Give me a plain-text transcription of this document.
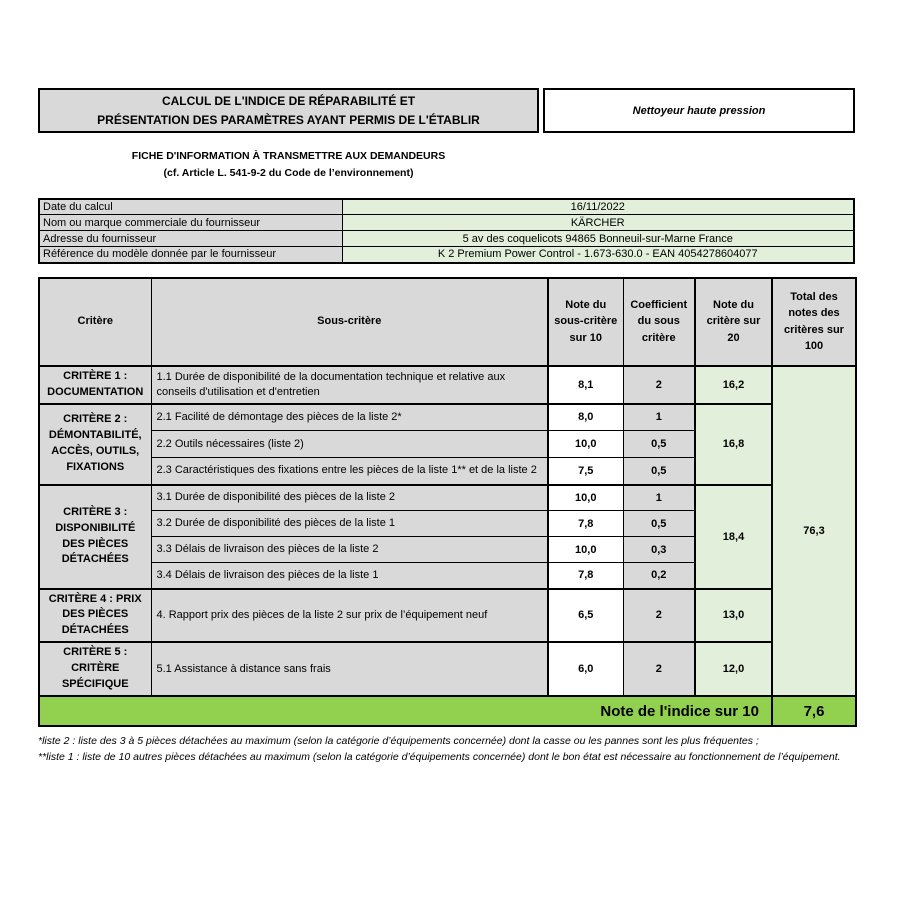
CALCUL DE L'INDICE DE RÉPARABILITÉ ET
PRÉSENTATION DES PARAMÈTRES AYANT PERMIS DE L'ÉTABLIR
Nettoyeur haute pression
FICHE D'INFORMATION À TRANSMETTRE AUX DEMANDEURS
(cf. Article L. 541-9-2 du Code de l’environnement)
Date du calcul	16/11/2022
Nom ou marque commerciale du fournisseur	KÄRCHER
Adresse du fournisseur	5 av des coquelicots 94865 Bonneuil-sur-Marne France
Référence du modèle donnée par le fournisseur	K 2 Premium Power Control - 1.673-630.0 - EAN 4054278604077
Critère	Sous-critère	Note du sous-critère sur 10	Coefficient du sous critère	Note du critère sur 20	Total des notes des critères sur 100
CRITÈRE 1 : DOCUMENTATION	1.1 Durée de disponibilité de la documentation technique et relative aux conseils d'utilisation et d'entretien	8,1	2	16,2	76,3
CRITÈRE 2 : DÉMONTABILITÉ, ACCÈS, OUTILS, FIXATIONS	2.1 Facilité de démontage des pièces de la liste 2*	8,0	1	16,8	
	2.2 Outils nécessaires (liste 2)	10,0	0,5		
	2.3 Caractéristiques des fixations entre les pièces de la liste 1** et de la liste 2	7,5	0,5		
CRITÈRE 3 : DISPONIBILITÉ DES PIÈCES DÉTACHÉES	3.1 Durée de disponibilité des pièces de la liste 2	10,0	1	18,4	
	3.2 Durée de disponibilité des pièces de la liste 1	7,8	0,5		
	3.3 Délais de livraison des pièces de la liste 2	10,0	0,3		
	3.4 Délais de livraison des pièces de la liste 1	7,8	0,2		
CRITÈRE 4 : PRIX DES PIÈCES DÉTACHÉES	4. Rapport prix des pièces de la liste 2 sur prix de l’équipement neuf	6,5	2	13,0	
CRITÈRE 5 : CRITÈRE SPÉCIFIQUE	5.1 Assistance à distance sans frais	6,0	2	12,0	
Note de l'indice sur 10					7,6
*liste 2 : liste des 3 à 5 pièces détachées au maximum (selon la catégorie d’équipements concernée) dont la casse ou les pannes sont les plus fréquentes ;
**liste 1 : liste de 10 autres pièces détachées au maximum (selon la catégorie d’équipements concernée) dont le bon état est nécessaire au fonctionnement de l’équipement.
